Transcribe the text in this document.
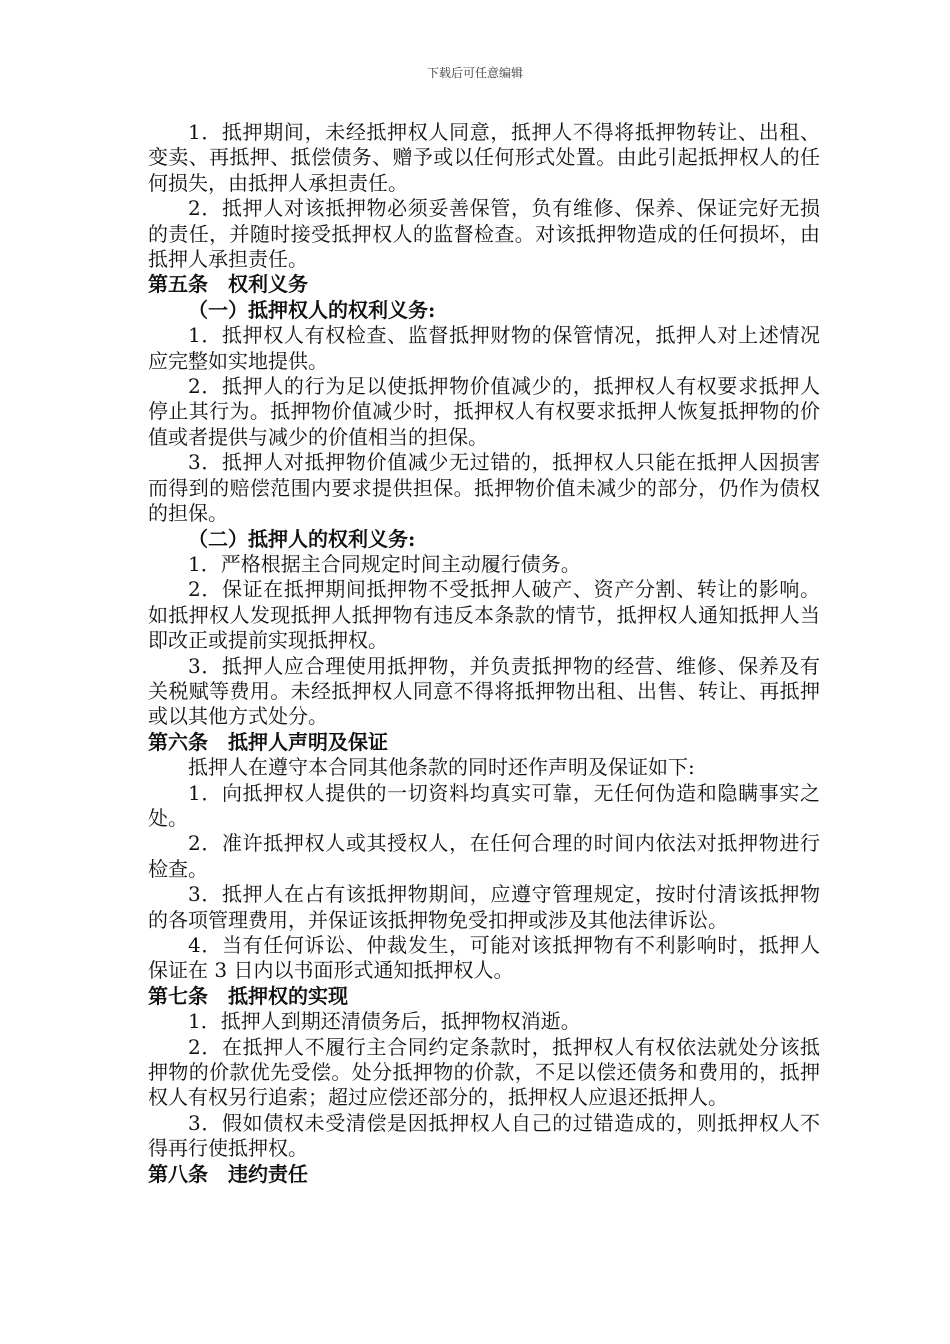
下载后可任意编辑

1．抵押期间，未经抵押权人同意，抵押人不得将抵押物转让、出租、变卖、再抵押、抵偿债务、赠予或以任何形式处置。由此引起抵押权人的任何损失，由抵押人承担责任。

2．抵押人对该抵押物必须妥善保管，负有维修、保养、保证完好无损的责任，并随时接受抵押权人的监督检查。对该抵押物造成的任何损坏，由抵押人承担责任。

第五条　权利义务

（一）抵押权人的权利义务:

1．抵押权人有权检查、监督抵押财物的保管情况，抵押人对上述情况应完整如实地提供。

2．抵押人的行为足以使抵押物价值减少的，抵押权人有权要求抵押人停止其行为。抵押物价值减少时，抵押权人有权要求抵押人恢复抵押物的价值或者提供与减少的价值相当的担保。

3．抵押人对抵押物价值减少无过错的，抵押权人只能在抵押人因损害而得到的赔偿范围内要求提供担保。抵押物价值未减少的部分，仍作为债权的担保。

（二）抵押人的权利义务:

1．严格根据主合同规定时间主动履行债务。

2．保证在抵押期间抵押物不受抵押人破产、资产分割、转让的影响。如抵押权人发现抵押人抵押物有违反本条款的情节，抵押权人通知抵押人当即改正或提前实现抵押权。

3．抵押人应合理使用抵押物，并负责抵押物的经营、维修、保养及有关税赋等费用。未经抵押权人同意不得将抵押物出租、出售、转让、再抵押或以其他方式处分。

第六条　抵押人声明及保证

抵押人在遵守本合同其他条款的同时还作声明及保证如下:

1．向抵押权人提供的一切资料均真实可靠，无任何伪造和隐瞒事实之处。

2．准许抵押权人或其授权人，在任何合理的时间内依法对抵押物进行检查。

3．抵押人在占有该抵押物期间，应遵守管理规定，按时付清该抵押物的各项管理费用，并保证该抵押物免受扣押或涉及其他法律诉讼。

4．当有任何诉讼、仲裁发生，可能对该抵押物有不利影响时，抵押人保证在 3 日内以书面形式通知抵押权人。

第七条　抵押权的实现

1．抵押人到期还清债务后，抵押物权消逝。

2．在抵押人不履行主合同约定条款时，抵押权人有权依法就处分该抵押物的价款优先受偿。处分抵押物的价款，不足以偿还债务和费用的，抵押权人有权另行追索；超过应偿还部分的，抵押权人应退还抵押人。

3．假如债权未受清偿是因抵押权人自己的过错造成的，则抵押权人不得再行使抵押权。

第八条　违约责任
